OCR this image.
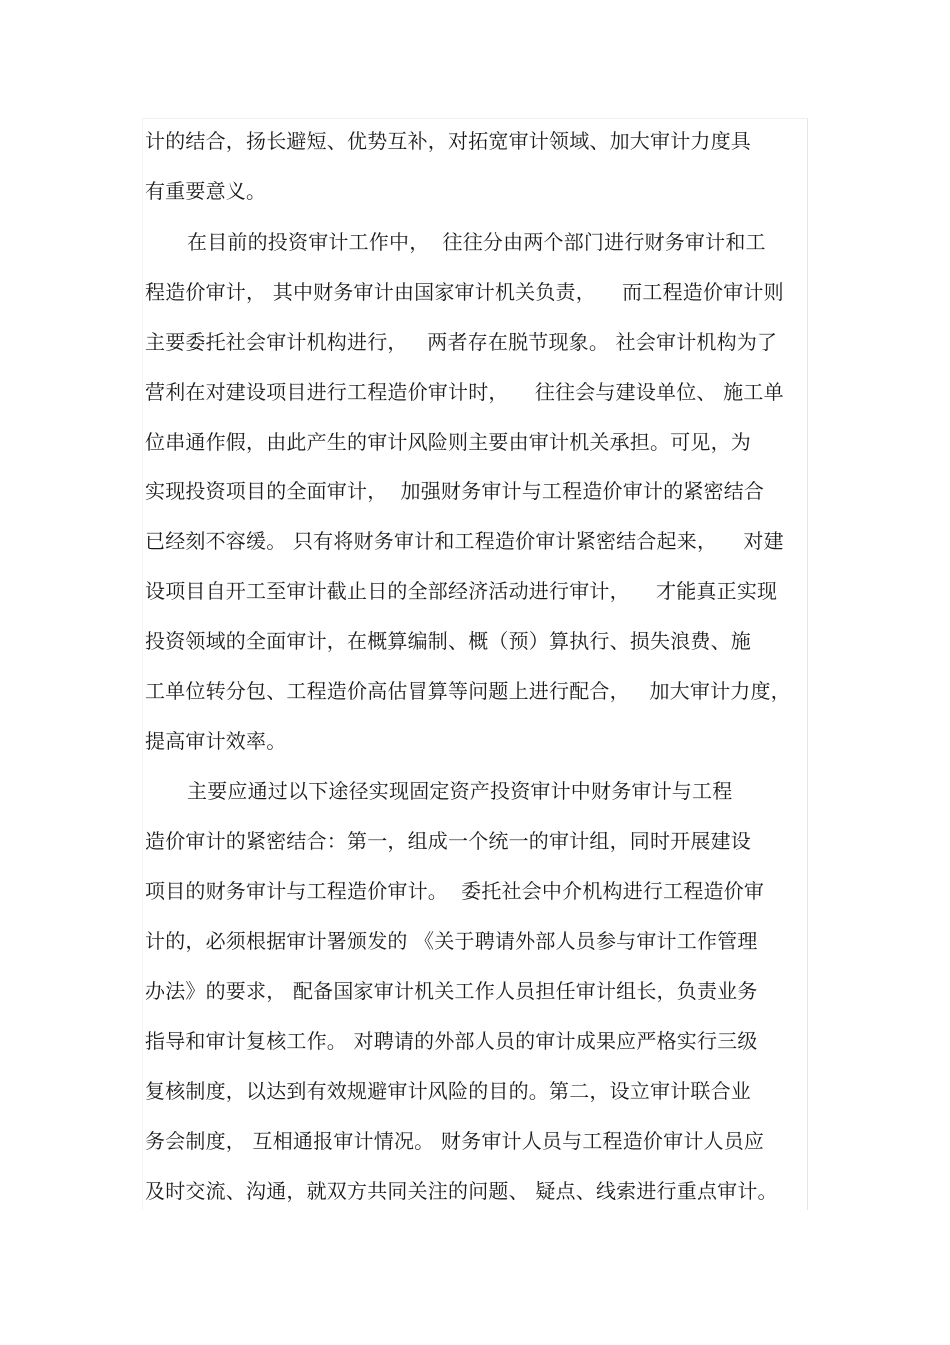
计的结合，扬长避短、优势互补，对拓宽审计领域、加大审计力度具
有重要意义。
在目前的投资审计工作中，  往往分由两个部门进行财务审计和工
程造价审计， 其中财务审计由国家审计机关负责，    而工程造价审计则
主要委托社会审计机构进行，   两者存在脱节现象。 社会审计机构为了
营利在对建设项目进行工程造价审计时，    往往会与建设单位、 施工单
位串通作假，由此产生的审计风险则主要由审计机关承担。可见，为
实现投资项目的全面审计，  加强财务审计与工程造价审计的紧密结合
已经刻不容缓。 只有将财务审计和工程造价审计紧密结合起来，    对建
设项目自开工至审计截止日的全部经济活动进行审计，    才能真正实现
投资领域的全面审计，在概算编制、概（预）算执行、损失浪费、施
工单位转分包、工程造价高估冒算等问题上进行配合，   加大审计力度，
提高审计效率。
主要应通过以下途径实现固定资产投资审计中财务审计与工程
造价审计的紧密结合：第一，组成一个统一的审计组，同时开展建设
项目的财务审计与工程造价审计。  委托社会中介机构进行工程造价审
计的，必须根据审计署颁发的 《关于聘请外部人员参与审计工作管理
办法》的要求， 配备国家审计机关工作人员担任审计组长，负责业务
指导和审计复核工作。 对聘请的外部人员的审计成果应严格实行三级
复核制度，以达到有效规避审计风险的目的。第二，设立审计联合业
务会制度， 互相通报审计情况。 财务审计人员与工程造价审计人员应
及时交流、沟通，就双方共同关注的问题、 疑点、线索进行重点审计。
